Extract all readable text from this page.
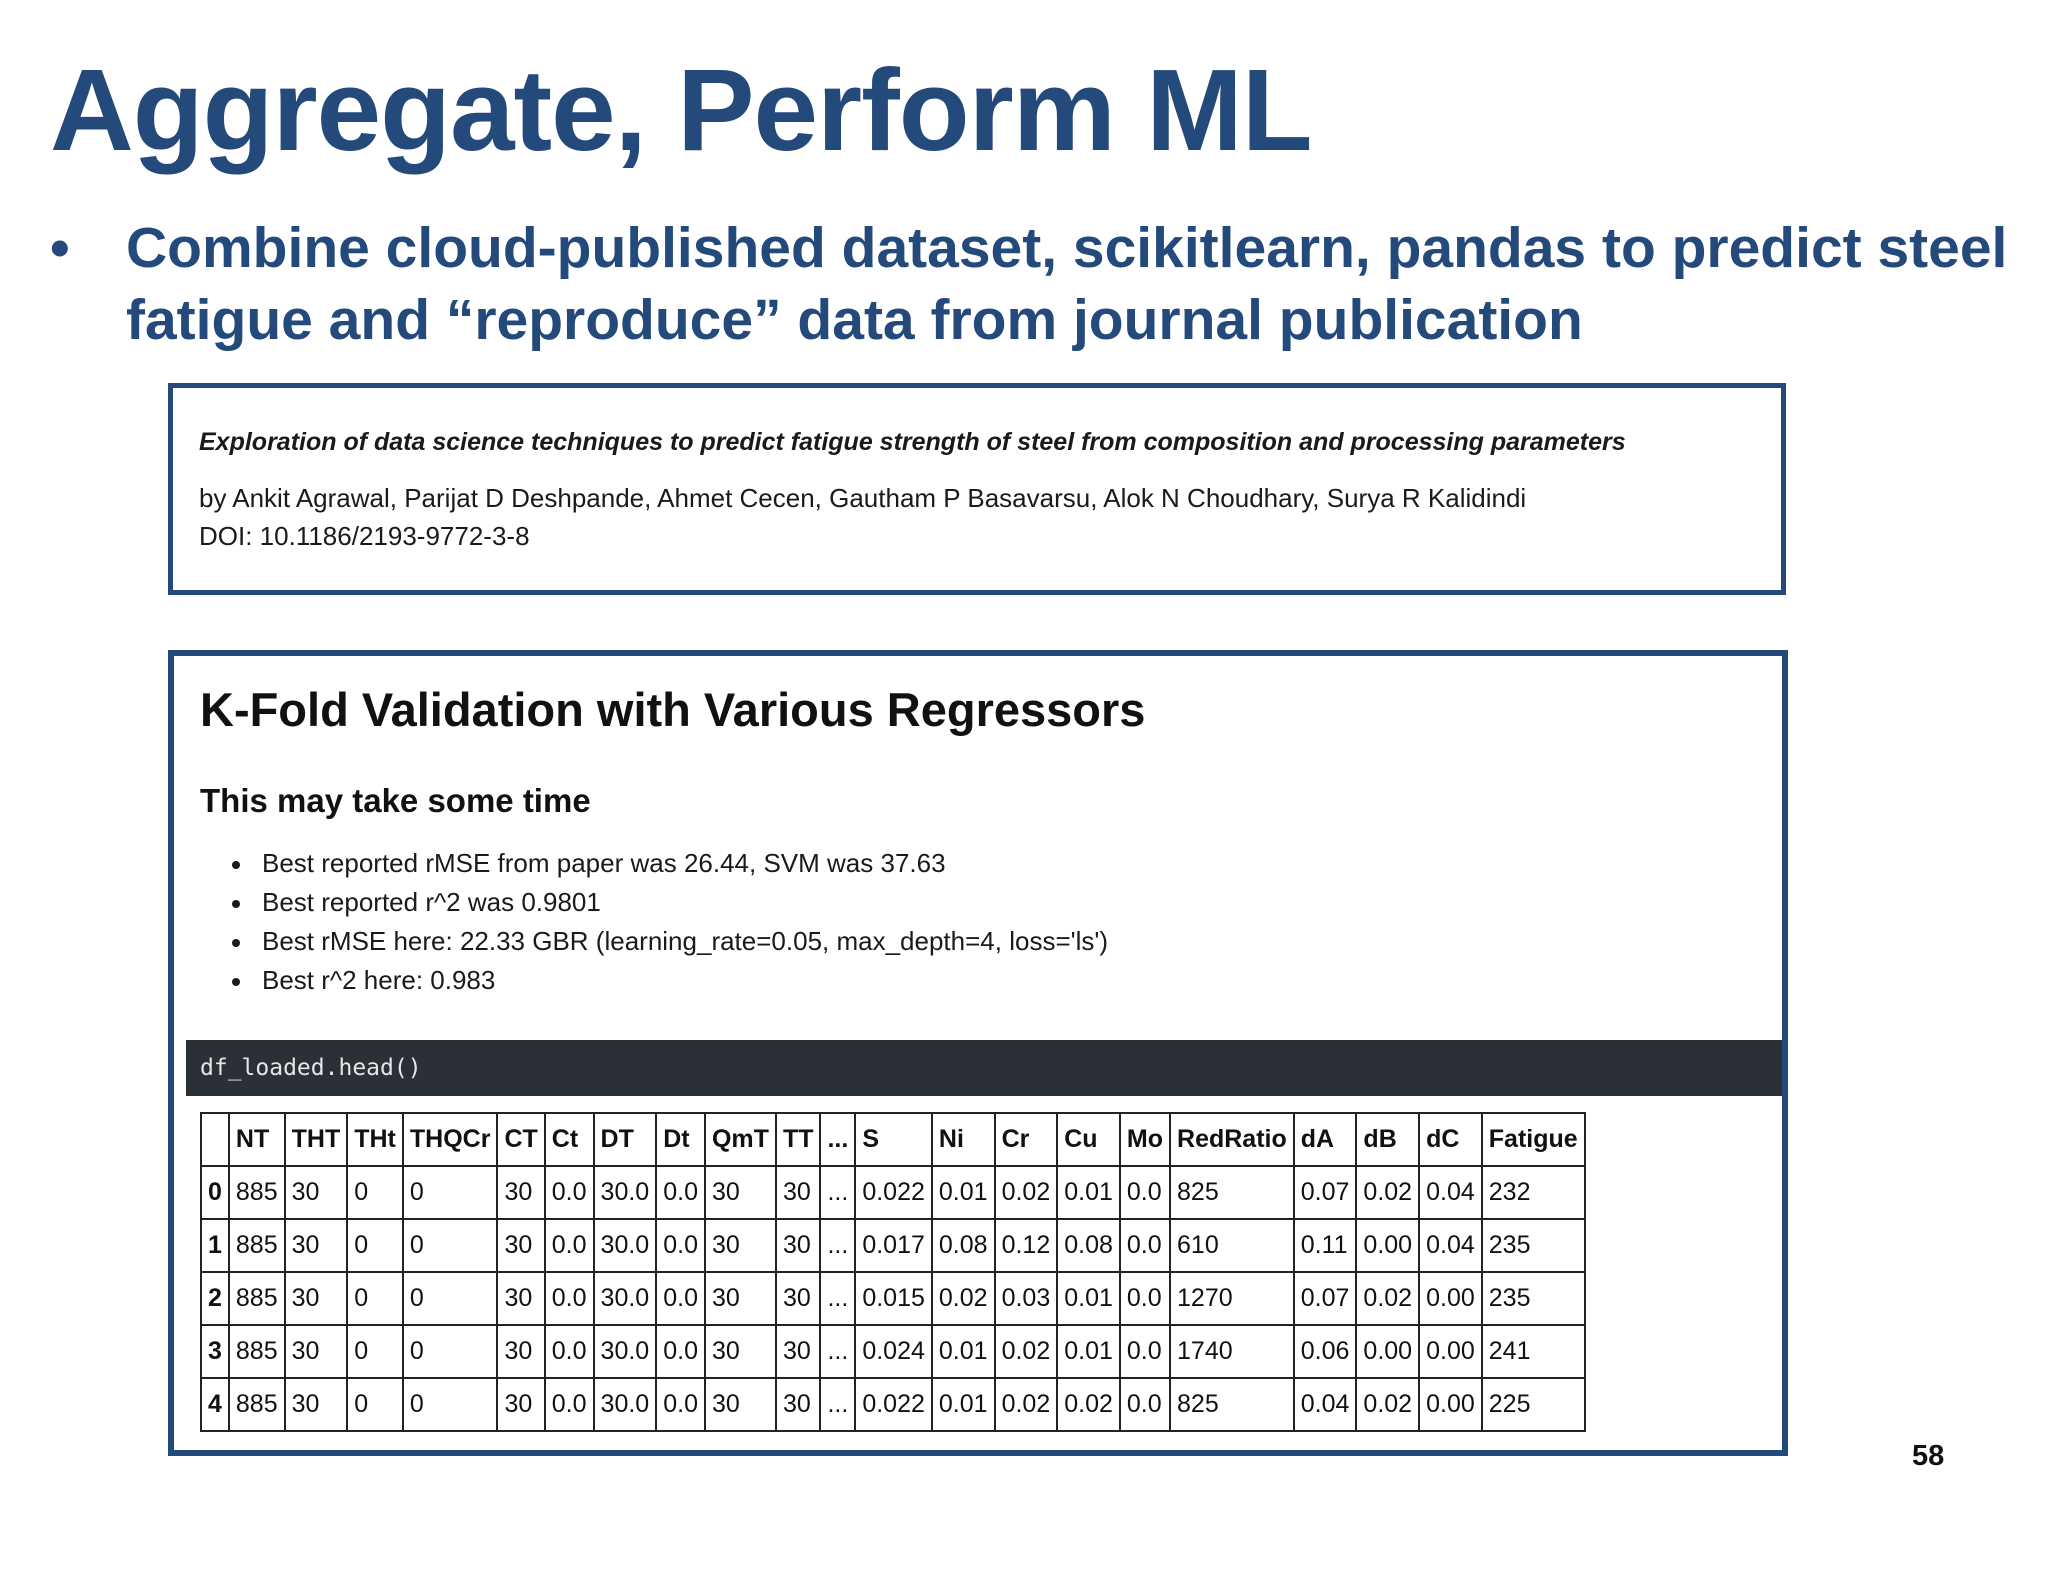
Aggregate, Perform ML
• Combine cloud-published dataset, scikitlearn, pandas to predict steel fatigue and “reproduce” data from journal publication

Exploration of data science techniques to predict fatigue strength of steel from composition and processing parameters

by Ankit Agrawal, Parijat D Deshpande, Ahmet Cecen, Gautham P Basavarsu, Alok N Choudhary, Surya R Kalidindi

DOI: 10.1186/2193-9772-3-8

K-Fold Validation with Various Regressors
This may take some time
Best reported rMSE from paper was 26.44, SVM was 37.63
Best reported r^2 was 0.9801
Best rMSE here: 22.33 GBR (learning_rate=0.05, max_depth=4, loss='ls')
Best r^2 here: 0.983
df_loaded.head()
	NT	THT	THt	THQCr	CT	Ct	DT	Dt	QmT	TT	...	S	Ni	Cr	Cu	Mo	RedRatio	dA	dB	dC	Fatigue
0	885	30	0	0	30	0.0	30.0	0.0	30	30	...	0.022	0.01	0.02	0.01	0.0	825	0.07	0.02	0.04	232
1	885	30	0	0	30	0.0	30.0	0.0	30	30	...	0.017	0.08	0.12	0.08	0.0	610	0.11	0.00	0.04	235
2	885	30	0	0	30	0.0	30.0	0.0	30	30	...	0.015	0.02	0.03	0.01	0.0	1270	0.07	0.02	0.00	235
3	885	30	0	0	30	0.0	30.0	0.0	30	30	...	0.024	0.01	0.02	0.01	0.0	1740	0.06	0.00	0.00	241
4	885	30	0	0	30	0.0	30.0	0.0	30	30	...	0.022	0.01	0.02	0.02	0.0	825	0.04	0.02	0.00	225

58
